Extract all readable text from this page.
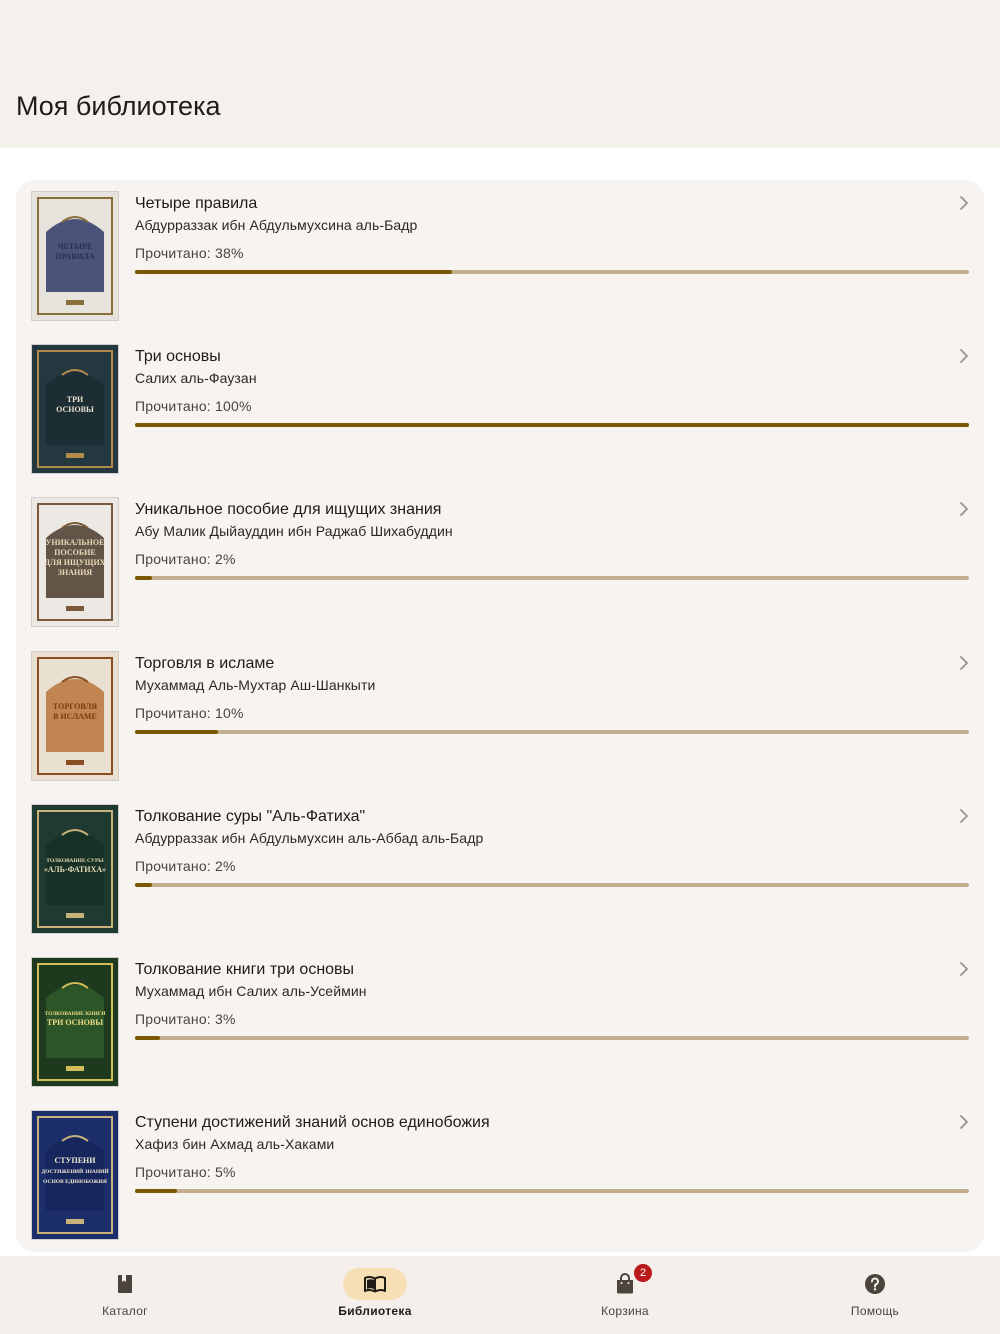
Моя библиотека
ЧЕТЫРЕ
ПРАВИЛА
Четыре правила
Абдурраззак ибн Абдульмухсина аль-Бадр
Прочитано: 38%
ТРИ
ОСНОВЫ
Три основы
Салих аль-Фаузан
Прочитано: 100%
УНИКАЛЬНОЕ
ПОСОБИЕ
ДЛЯ ИЩУЩИХ
ЗНАНИЯ
Уникальное пособие для ищущих знания
Абу Малик Дыйауддин ибн Раджаб Шихабуддин
Прочитано: 2%
ТОРГОВЛЯ
В ИСЛАМЕ
Торговля в исламе
Мухаммад Аль-Мухтар Аш-Шанкыти
Прочитано: 10%
ТОЛКОВАНИЕ СУРЫ
«АЛЬ-ФАТИХА»
Толкование суры "Аль-Фатиха"
Абдурраззак ибн Абдульмухсин аль-Аббад аль-Бадр
Прочитано: 2%
ТОЛКОВАНИЕ КНИГИ
ТРИ ОСНОВЫ
Толкование книги три основы
Мухаммад ибн Салих аль-Усеймин
Прочитано: 3%
СТУПЕНИ
ДОСТИЖЕНИЙ ЗНАНИЙ
ОСНОВ ЕДИНОБОЖИЯ
Ступени достижений знаний основ единобожия
Хафиз бин Ахмад аль-Хаками
Прочитано: 5%
Каталог	Библиотека
2
Корзина	Помощь
